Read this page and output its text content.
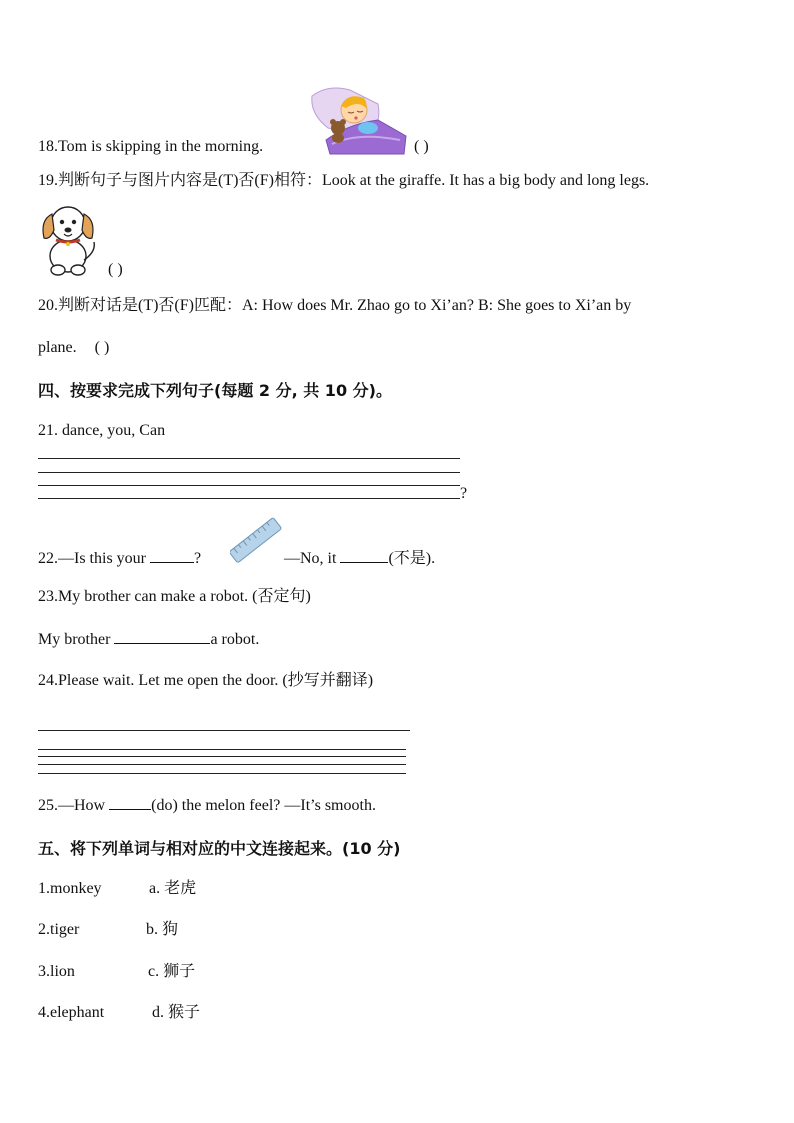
18.Tom is skipping in the morning.	( )
19.判断句子与图片内容是(T)否(F)相符：Look at the giraffe. It has a big body and long legs.
( )
20.判断对话是(T)否(F)匹配：A: How does Mr. Zhao go to Xi’an? B: She goes to Xi’an by
plane. ( )
四、按要求完成下列句子(每题 2 分, 共 10 分)。
21. dance, you, Can
?
22.—Is this your	?	—No, it	(不是).
23.My brother can make a robot. (否定句)
My brother	a robot.
24.Please wait. Let me open the door. (抄写并翻译)
25.—How	(do) the melon feel? —It’s smooth.
五、将下列单词与相对应的中文连接起来。(10 分)
1.monkey	a. 老虎
2.tiger	b. 狗
3.lion	c. 狮子
4.elephant	d. 猴子
